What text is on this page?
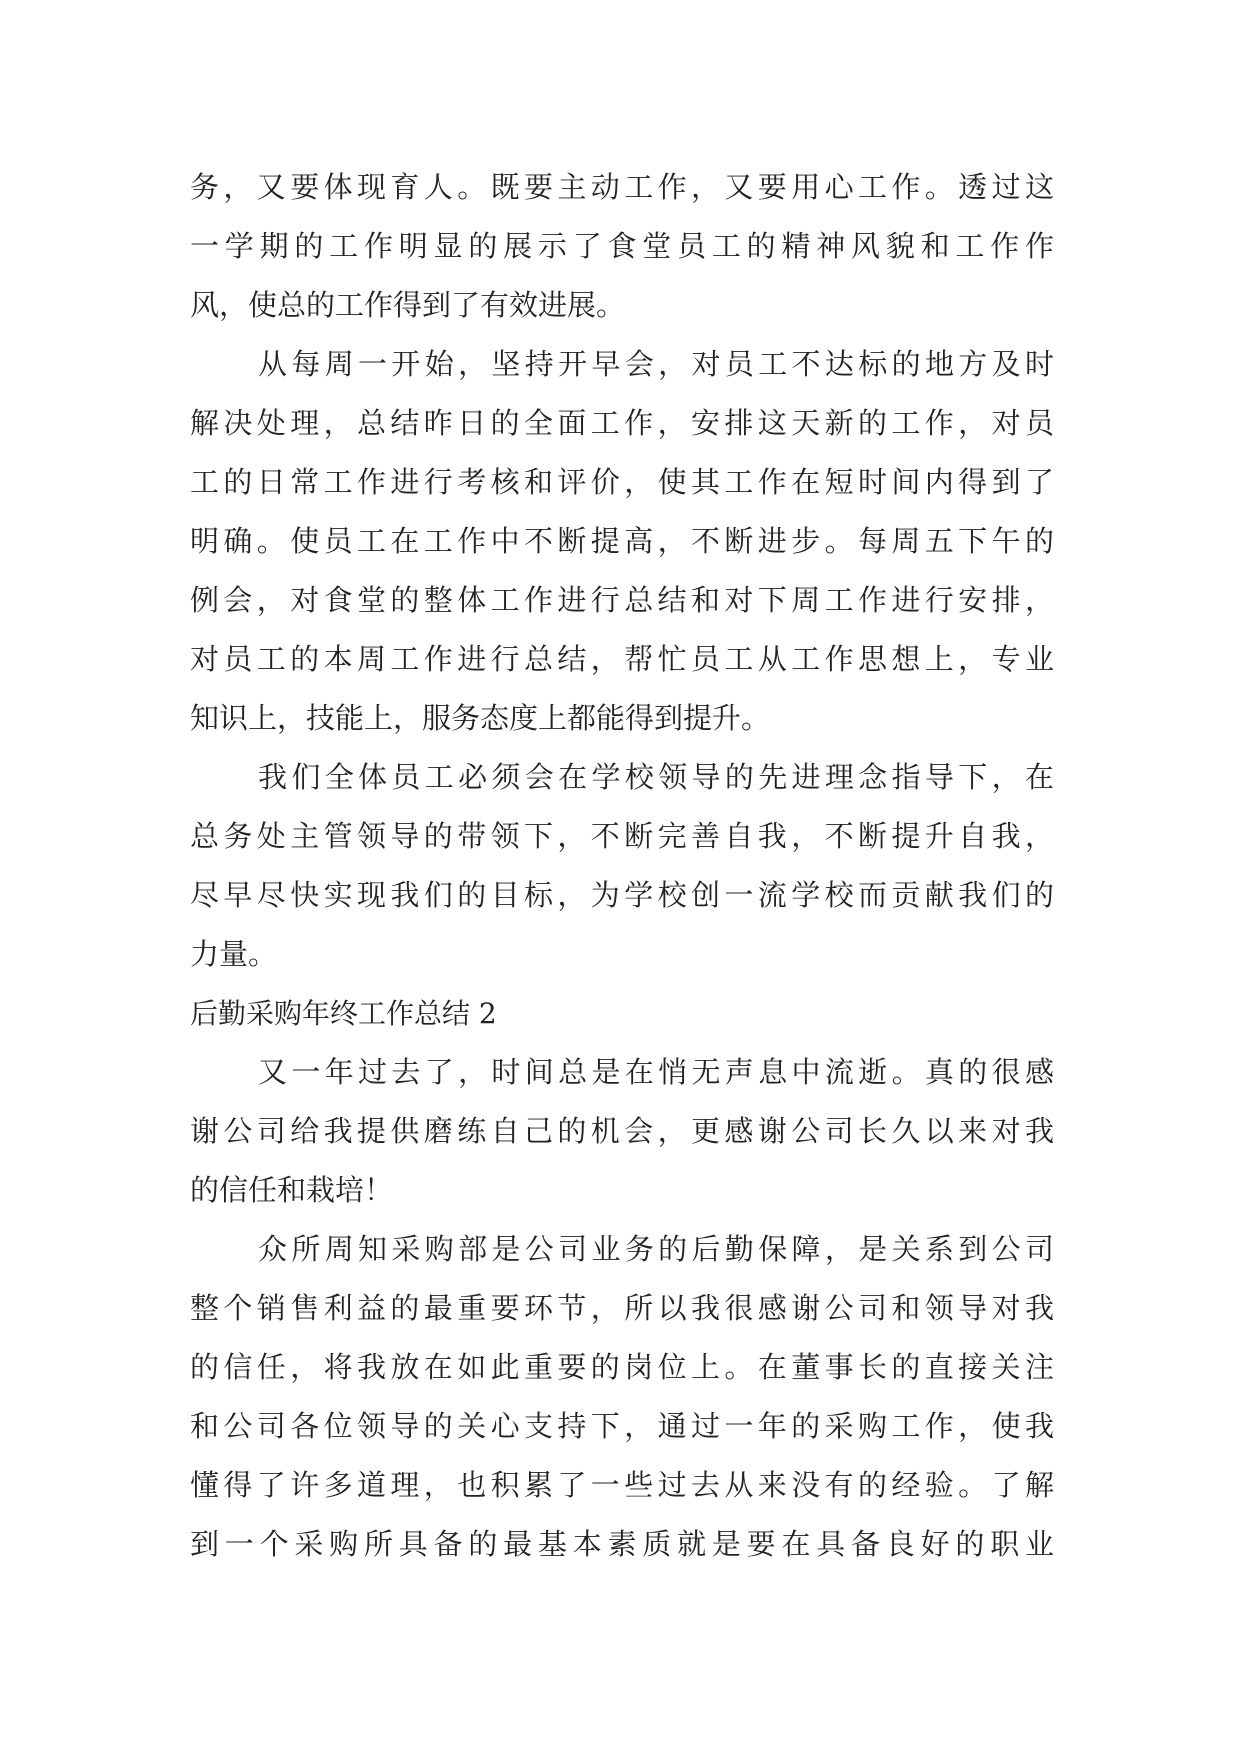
务，又要体现育人。既要主动工作，又要用心工作。透过这
一学期的工作明显的展示了食堂员工的精神风貌和工作作
风，使总的工作得到了有效进展。
从每周一开始，坚持开早会，对员工不达标的地方及时
解决处理，总结昨日的全面工作，安排这天新的工作，对员
工的日常工作进行考核和评价，使其工作在短时间内得到了
明确。使员工在工作中不断提高，不断进步。每周五下午的
例会，对食堂的整体工作进行总结和对下周工作进行安排，
对员工的本周工作进行总结，帮忙员工从工作思想上，专业
知识上，技能上，服务态度上都能得到提升。
我们全体员工必须会在学校领导的先进理念指导下，在
总务处主管领导的带领下，不断完善自我，不断提升自我，
尽早尽快实现我们的目标，为学校创一流学校而贡献我们的
力量。
后勤采购年终工作总结 2
又一年过去了，时间总是在悄无声息中流逝。真的很感
谢公司给我提供磨练自己的机会，更感谢公司长久以来对我
的信任和栽培！
众所周知采购部是公司业务的后勤保障，是关系到公司
整个销售利益的最重要环节，所以我很感谢公司和领导对我
的信任，将我放在如此重要的岗位上。在董事长的直接关注
和公司各位领导的关心支持下，通过一年的采购工作，使我
懂得了许多道理，也积累了一些过去从来没有的经验。了解
到一个采购所具备的最基本素质就是要在具备良好的职业
